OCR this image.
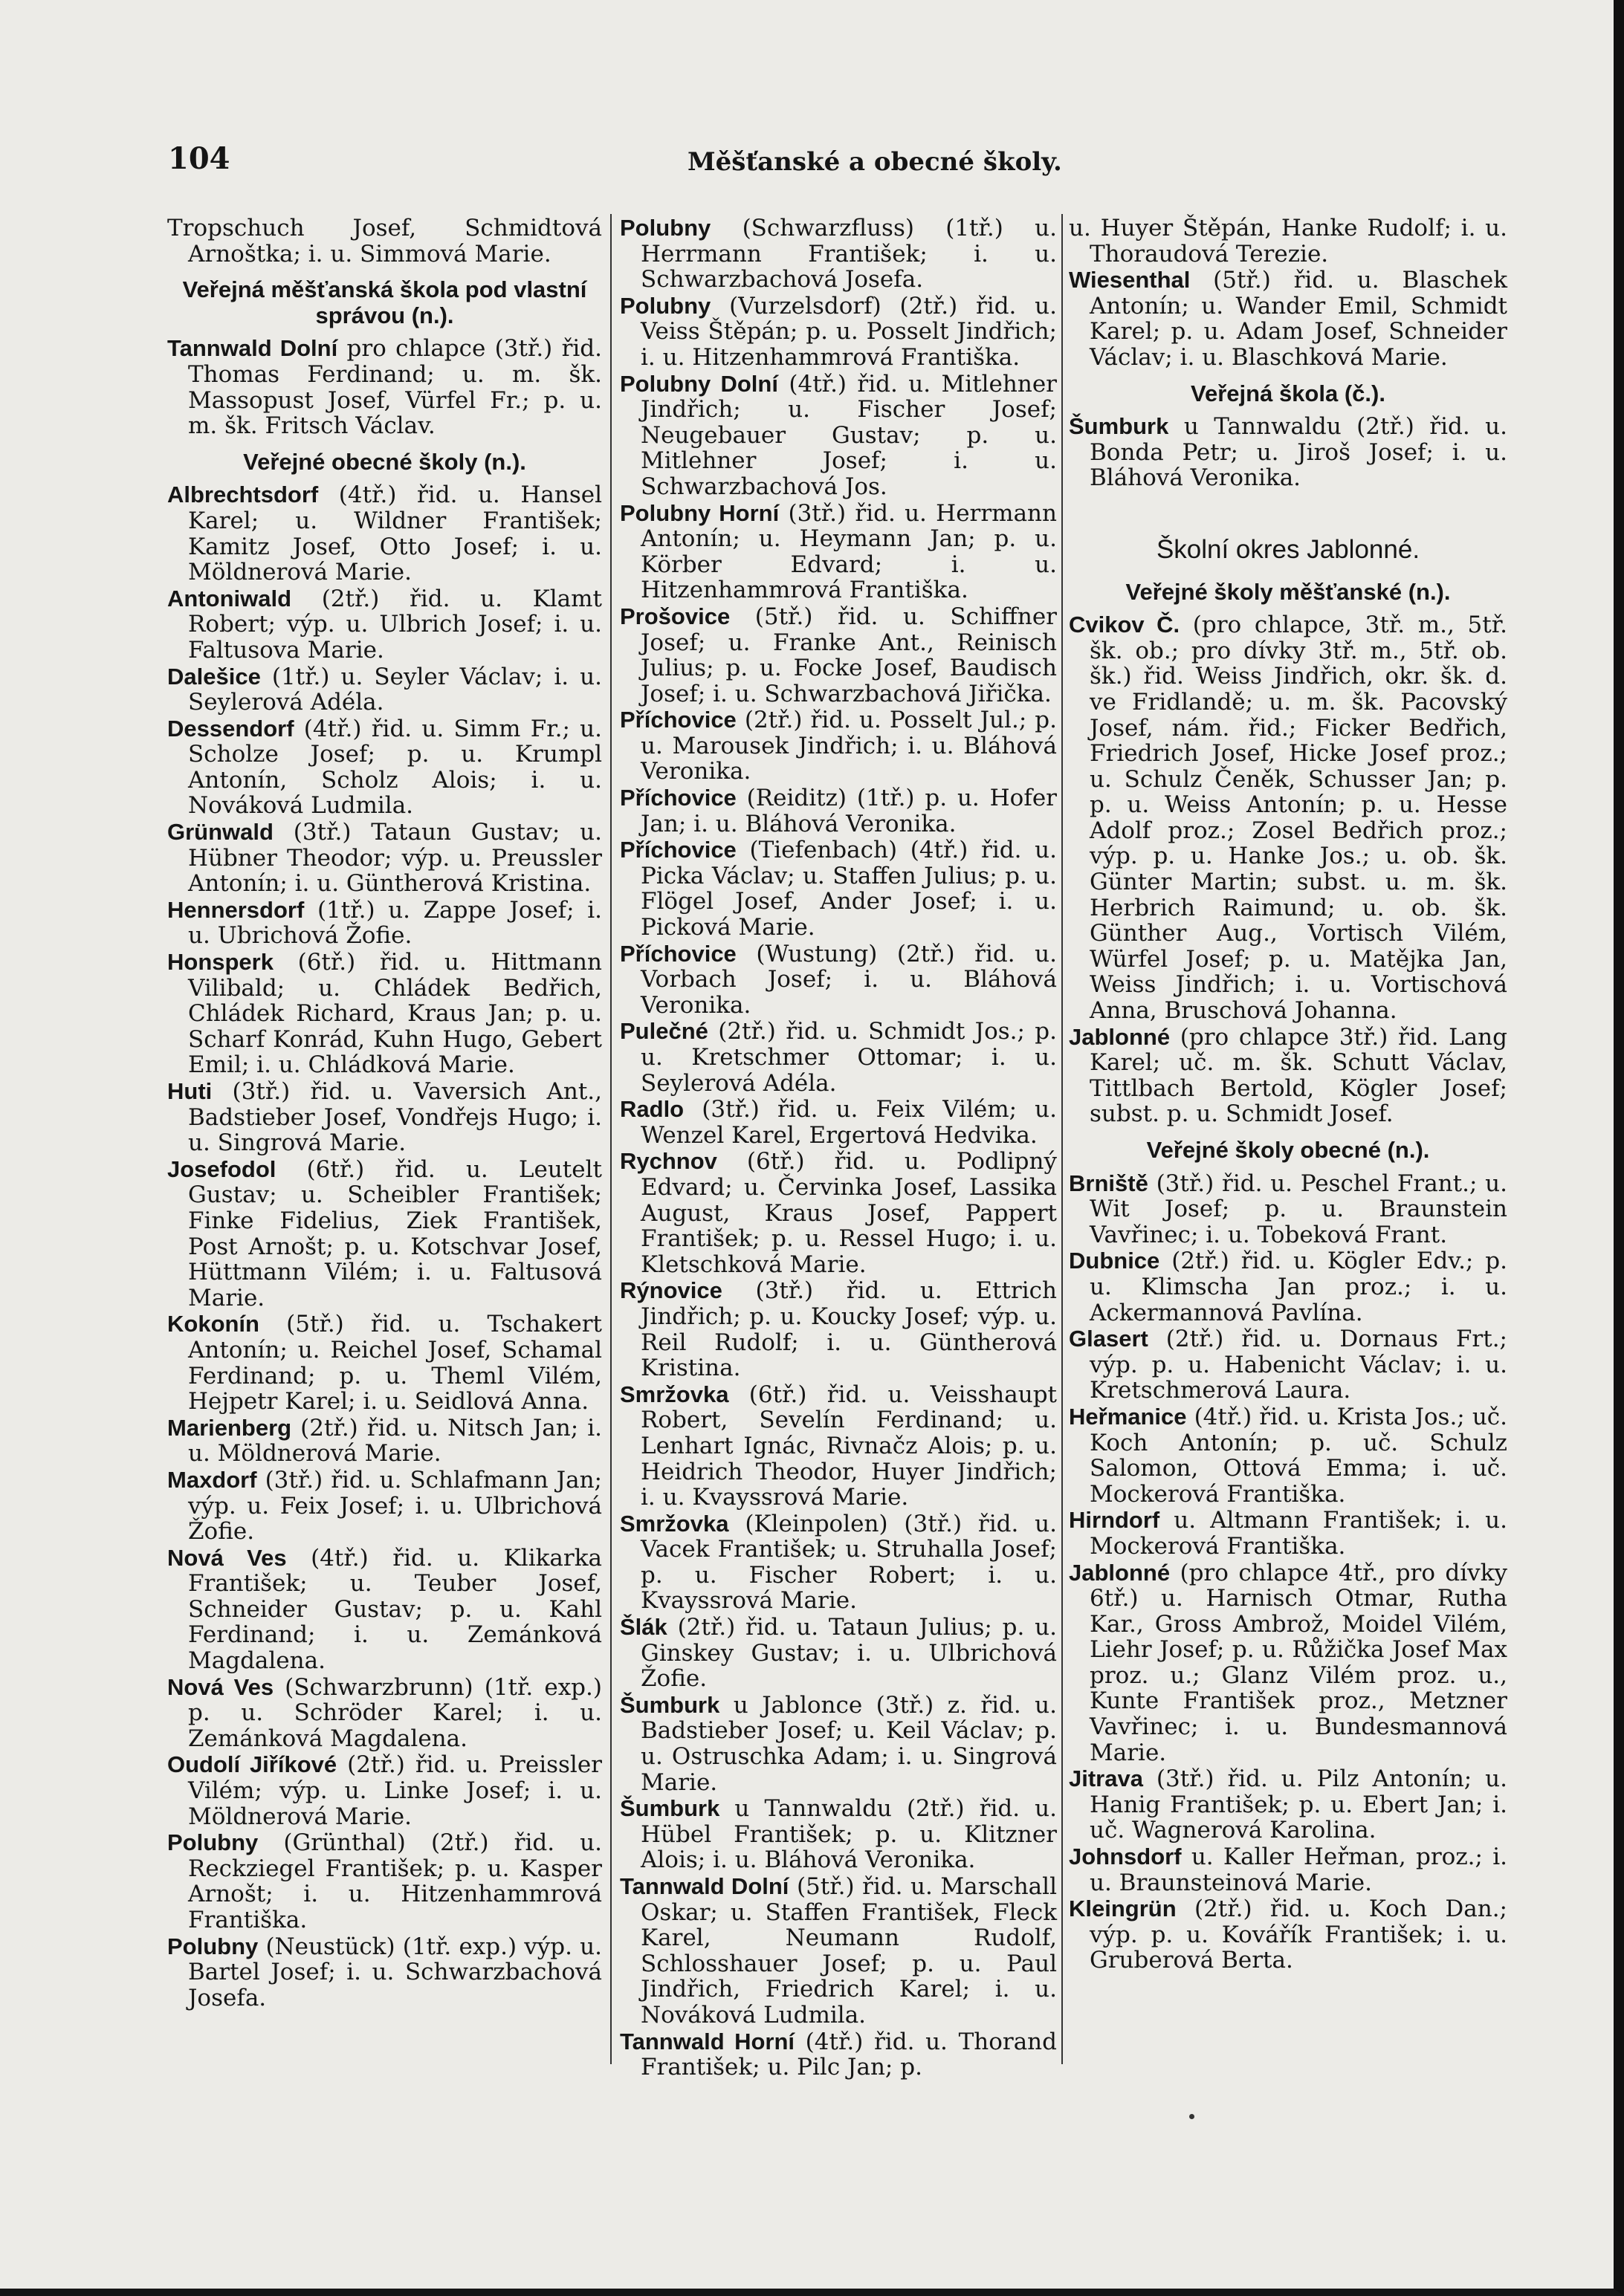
104	Měšťanské a obecné školy.
Tropschuch Josef, Schmidtová Arnoštka; i. u. Simmová Marie.
Veřejná měšťanská škola pod vlastní správou (n.).
Tannwald Dolní pro chlapce (3tř.) řid. Thomas Ferdinand; u. m. šk. Massopust Josef, Vürfel Fr.; p. u. m. šk. Fritsch Václav.
Veřejné obecné školy (n.).
Albrechtsdorf (4tř.) řid. u. Hansel Karel; u. Wildner František; Kamitz Josef, Otto Josef; i. u. Möldnerová Marie.
Antoniwald (2tř.) řid. u. Klamt Robert; výp. u. Ulbrich Josef; i. u. Faltusova Marie.
Dalešice (1tř.) u. Seyler Václav; i. u. Seylerová Adéla.
Dessendorf (4tř.) řid. u. Simm Fr.; u. Scholze Josef; p. u. Krumpl Antonín, Scholz Alois; i. u. Nováková Ludmila.
Grünwald (3tř.) Tataun Gustav; u. Hübner Theodor; výp. u. Preussler Antonín; i. u. Güntherová Kristina.
Hennersdorf (1tř.) u. Zappe Josef; i. u. Ubrichová Žofie.
Honsperk (6tř.) řid. u. Hittmann Vilibald; u. Chládek Bedřich, Chládek Richard, Kraus Jan; p. u. Scharf Konrád, Kuhn Hugo, Gebert Emil; i. u. Chládková Marie.
Huti (3tř.) řid. u. Vaversich Ant., Badstieber Josef, Vondřejs Hugo; i. u. Singrová Marie.
Josefodol (6tř.) řid. u. Leutelt Gustav; u. Scheibler František; Finke Fidelius, Ziek František, Post Arnošt; p. u. Kotschvar Josef, Hüttmann Vilém; i. u. Faltusová Marie.
Kokonín (5tř.) řid. u. Tschakert Antonín; u. Reichel Josef, Schamal Ferdinand; p. u. Theml Vilém, Hejpetr Karel; i. u. Seidlová Anna.
Marienberg (2tř.) řid. u. Nitsch Jan; i. u. Möldnerová Marie.
Maxdorf (3tř.) řid. u. Schlafmann Jan; výp. u. Feix Josef; i. u. Ulbrichová Žofie.
Nová Ves (4tř.) řid. u. Klikarka František; u. Teuber Josef, Schneider Gustav; p. u. Kahl Ferdinand; i. u. Zemánková Magdalena.
Nová Ves (Schwarzbrunn) (1tř. exp.) p. u. Schröder Karel; i. u. Zemánková Magdalena.
Oudolí Jiříkové (2tř.) řid. u. Preissler Vilém; výp. u. Linke Josef; i. u. Möldnerová Marie.
Polubny (Grünthal) (2tř.) řid. u. Reckziegel František; p. u. Kasper Arnošt; i. u. Hitzenhammrová Františka.
Polubny (Neustück) (1tř. exp.) výp. u. Bartel Josef; i. u. Schwarzbachová Josefa.
Polubny (Schwarzfluss) (1tř.) u. Herrmann František; i. u. Schwarzbachová Josefa.
Polubny (Vurzelsdorf) (2tř.) řid. u. Veiss Štěpán; p. u. Posselt Jindřich; i. u. Hitzenhammrová Františka.
Polubny Dolní (4tř.) řid. u. Mitlehner Jindřich; u. Fischer Josef; Neugebauer Gustav; p. u. Mitlehner Josef; i. u. Schwarzbachová Jos.
Polubny Horní (3tř.) řid. u. Herrmann Antonín; u. Heymann Jan; p. u. Körber Edvard; i. u. Hitzenhammrová Františka.
Prošovice (5tř.) řid. u. Schiffner Josef; u. Franke Ant., Reinisch Julius; p. u. Focke Josef, Baudisch Josef; i. u. Schwarzbachová Jiřička.
Příchovice (2tř.) řid. u. Posselt Jul.; p. u. Marousek Jindřich; i. u. Bláhová Veronika.
Příchovice (Reiditz) (1tř.) p. u. Hofer Jan; i. u. Bláhová Veronika.
Příchovice (Tiefenbach) (4tř.) řid. u. Picka Václav; u. Staffen Julius; p. u. Flögel Josef, Ander Josef; i. u. Picková Marie.
Příchovice (Wustung) (2tř.) řid. u. Vorbach Josef; i. u. Bláhová Veronika.
Pulečné (2tř.) řid. u. Schmidt Jos.; p. u. Kretschmer Ottomar; i. u. Seylerová Adéla.
Radlo (3tř.) řid. u. Feix Vilém; u. Wenzel Karel, Ergertová Hedvika.
Rychnov (6tř.) řid. u. Podlipný Edvard; u. Červinka Josef, Lassika August, Kraus Josef, Pappert František; p. u. Ressel Hugo; i. u. Kletschková Marie.
Rýnovice (3tř.) řid. u. Ettrich Jindřich; p. u. Koucky Josef; výp. u. Reil Rudolf; i. u. Güntherová Kristina.
Smržovka (6tř.) řid. u. Veisshaupt Robert, Sevelín Ferdinand; u. Lenhart Ignác, Rivnačz Alois; p. u. Heidrich Theodor, Huyer Jindřich; i. u. Kvayssrová Marie.
Smržovka (Kleinpolen) (3tř.) řid. u. Vacek František; u. Struhalla Josef; p. u. Fischer Robert; i. u. Kvayssrová Marie.
Šlák (2tř.) řid. u. Tataun Julius; p. u. Ginskey Gustav; i. u. Ulbrichová Žofie.
Šumburk u Jablonce (3tř.) z. řid. u. Badstieber Josef; u. Keil Václav; p. u. Ostruschka Adam; i. u. Singrová Marie.
Šumburk u Tannwaldu (2tř.) řid. u. Hübel František; p. u. Klitzner Alois; i. u. Bláhová Veronika.
Tannwald Dolní (5tř.) řid. u. Marschall Oskar; u. Staffen František, Fleck Karel, Neumann Rudolf, Schlosshauer Josef; p. u. Paul Jindřich, Friedrich Karel; i. u. Nováková Ludmila.
Tannwald Horní (4tř.) řid. u. Thorand František; u. Pilc Jan; p.
u. Huyer Štěpán, Hanke Rudolf; i. u. Thoraudová Terezie.
Wiesenthal (5tř.) řid. u. Blaschek Antonín; u. Wander Emil, Schmidt Karel; p. u. Adam Josef, Schneider Václav; i. u. Blaschková Marie.
Veřejná škola (č.).
Šumburk u Tannwaldu (2tř.) řid. u. Bonda Petr; u. Jiroš Josef; i. u. Bláhová Veronika.
Školní okres Jablonné.
Veřejné školy měšťanské (n.).
Cvikov Č. (pro chlapce, 3tř. m., 5tř. šk. ob.; pro dívky 3tř. m., 5tř. ob. šk.) řid. Weiss Jindřich, okr. šk. d. ve Fridlandě; u. m. šk. Pacovský Josef, nám. řid.; Ficker Bedřich, Friedrich Josef, Hicke Josef proz.; u. Schulz Čeněk, Schusser Jan; p. p. u. Weiss Antonín; p. u. Hesse Adolf proz.; Zosel Bedřich proz.; výp. p. u. Hanke Jos.; u. ob. šk. Günter Martin; subst. u. m. šk. Herbrich Raimund; u. ob. šk. Günther Aug., Vortisch Vilém, Würfel Josef; p. u. Matějka Jan, Weiss Jindřich; i. u. Vortischová Anna, Bruschová Johanna.
Jablonné (pro chlapce 3tř.) řid. Lang Karel; uč. m. šk. Schutt Václav, Tittlbach Bertold, Kögler Josef; subst. p. u. Schmidt Josef.
Veřejné školy obecné (n.).
Brniště (3tř.) řid. u. Peschel Frant.; u. Wit Josef; p. u. Braunstein Vavřinec; i. u. Tobeková Frant.
Dubnice (2tř.) řid. u. Kögler Edv.; p. u. Klimscha Jan proz.; i. u. Ackermannová Pavlína.
Glasert (2tř.) řid. u. Dornaus Frt.; výp. p. u. Habenicht Václav; i. u. Kretschmerová Laura.
Heřmanice (4tř.) řid. u. Krista Jos.; uč. Koch Antonín; p. uč. Schulz Salomon, Ottová Emma; i. uč. Mockerová Františka.
Hirndorf u. Altmann František; i. u. Mockerová Františka.
Jablonné (pro chlapce 4tř., pro dívky 6tř.) u. Harnisch Otmar, Rutha Kar., Gross Ambrož, Moidel Vilém, Liehr Josef; p. u. Růžička Josef Max proz. u.; Glanz Vilém proz. u., Kunte František proz., Metzner Vavřinec; i. u. Bundesmannová Marie.
Jitrava (3tř.) řid. u. Pilz Antonín; u. Hanig František; p. u. Ebert Jan; i. uč. Wagnerová Karolina.
Johnsdorf u. Kaller Heřman, proz.; i. u. Braunsteinová Marie.
Kleingrün (2tř.) řid. u. Koch Dan.; výp. p. u. Kovářík František; i. u. Gruberová Berta.
